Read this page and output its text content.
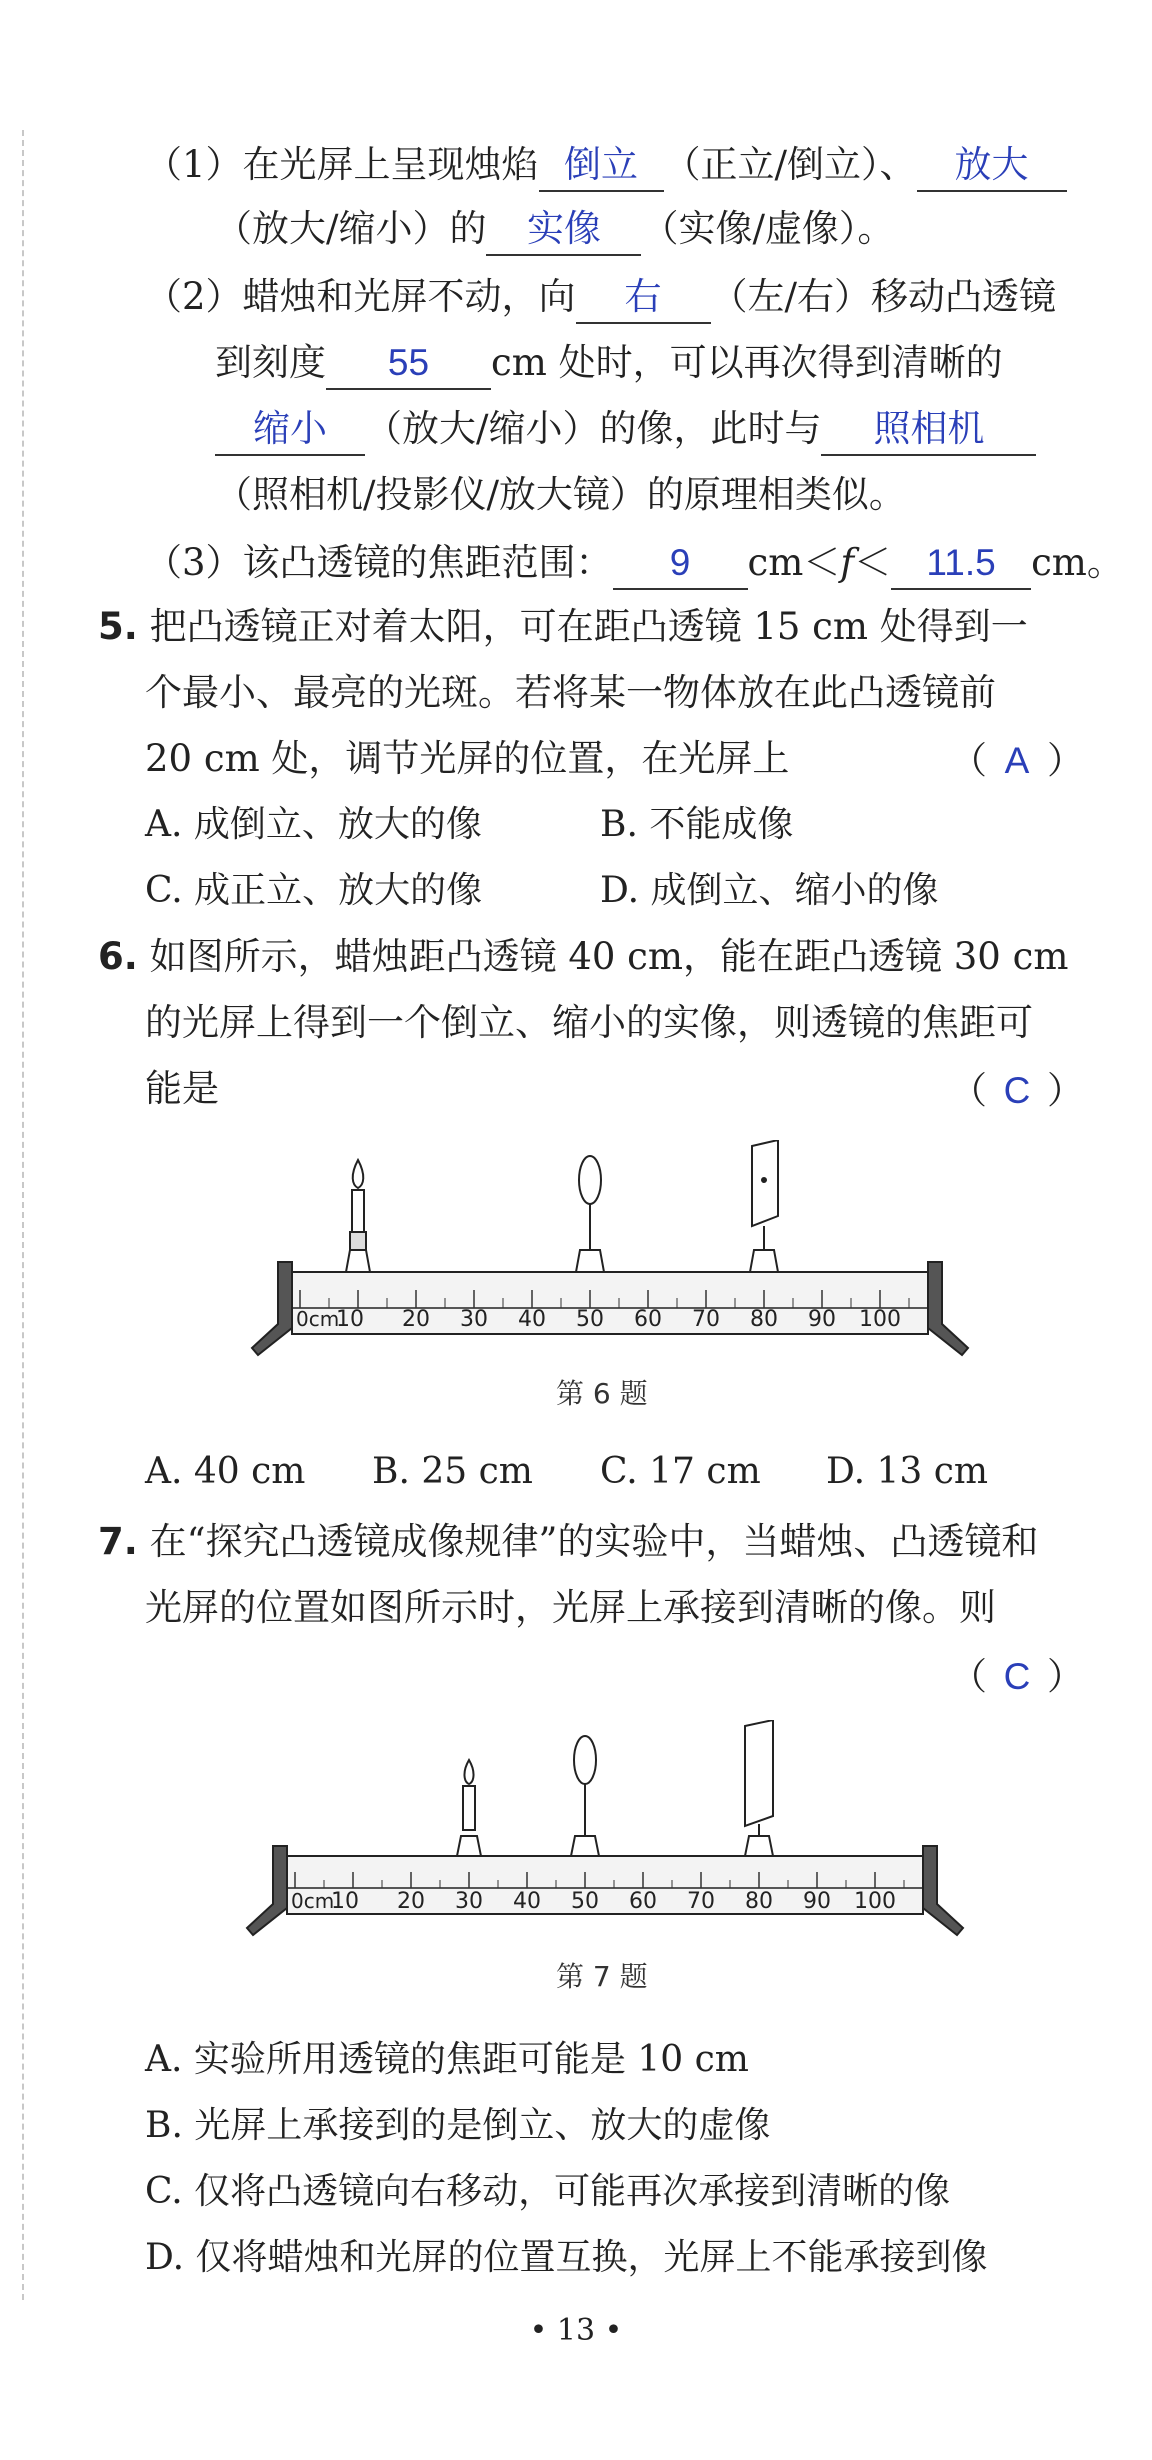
（1）在光屏上呈现烛焰 倒立 （正立/倒立）、 放大
（放大/缩小）的 实像 （实像/虚像）。
（2）蜡烛和光屏不动，向 右 （左/右）移动凸透镜
到刻度 55 cm 处时，可以再次得到清晰的
缩小 （放大/缩小）的像，此时与 照相机
（照相机/投影仪/放大镜）的原理相类似。
（3）该凸透镜的焦距范围： 9 cm＜f＜ 11.5 cm。
5. 把凸透镜正对着太阳，可在距凸透镜 15 cm 处得到一
个最小、最亮的光斑。若将某一物体放在此凸透镜前
20 cm 处，调节光屏的位置，在光屏上	（ A ）
A. 成倒立、放大的像	B. 不能成像
C. 成正立、放大的像	D. 成倒立、缩小的像
6. 如图所示，蜡烛距凸透镜 40 cm，能在距凸透镜 30 cm
的光屏上得到一个倒立、缩小的实像，则透镜的焦距可
能是	（ C ）
0cm
10 20 30 40 50 60 70 80 90 100
第 6 题
A. 40 cm B. 25 cm C. 17 cm D. 13 cm
7. 在“探究凸透镜成像规律”的实验中，当蜡烛、凸透镜和
光屏的位置如图所示时，光屏上承接到清晰的像。则
（ C ）
0cm
10 20 30 40 50 60 70 80 90 100
第 7 题
A. 实验所用透镜的焦距可能是 10 cm
B. 光屏上承接到的是倒立、放大的虚像
C. 仅将凸透镜向右移动，可能再次承接到清晰的像
D. 仅将蜡烛和光屏的位置互换，光屏上不能承接到像
• 13 •
